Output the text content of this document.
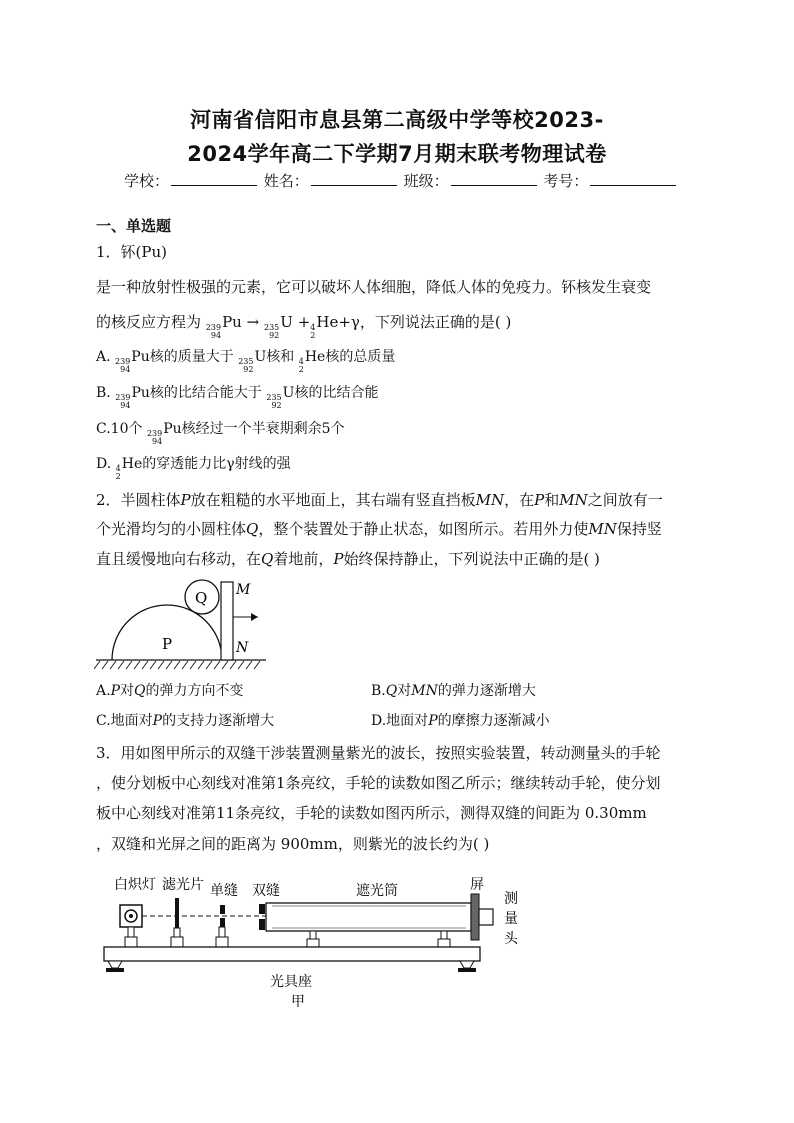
河南省信阳市息县第二高级中学等校2023-
2024学年高二下学期7月期末联考物理试卷
学校：	姓名：	班级：	考号：
一、单选题
1．钚(Pu)
是一种放射性极强的元素，它可以破坏人体细胞，降低人体的免疫力。钚核发生衰变
的核反应方程为 239
94
Pu → 235
92
U + 4
2
He+γ，下列说法正确的是( )
A. 239
94
Pu核的质量大于 235
92
U核和 4
2
He核的总质量
B. 239
94
Pu核的比结合能大于 235
92
U核的比结合能
C.10个 239
94
Pu核经过一个半衰期剩余5个
D. 4
2
He的穿透能力比γ射线的强
2．半圆柱体P放在粗糙的水平地面上，其右端有竖直挡板MN，在P和MN之间放有一
个光滑均匀的小圆柱体Q，整个装置处于静止状态，如图所示。若用外力使MN保持竖
直且缓慢地向右移动，在Q着地前，P始终保持静止，下列说法中正确的是( )
Q
P
M
N
A.P对Q的弹力方向不变	B.Q对MN的弹力逐渐增大
C.地面对P的支持力逐渐增大	D.地面对P的摩擦力逐渐减小
3．用如图甲所示的双缝干涉装置测量紫光的波长，按照实验装置，转动测量头的手轮
，使分划板中心刻线对准第1条亮纹，手轮的读数如图乙所示；继续转动手轮，使分划
板中心刻线对准第11条亮纹，手轮的读数如图丙所示，测得双缝的间距为 0.30mm
，双缝和光屏之间的距离为 900mm，则紫光的波长约为( )
白炽灯 滤光片 单缝 双缝	遮光筒	屏
测
量
头
光具座
甲
